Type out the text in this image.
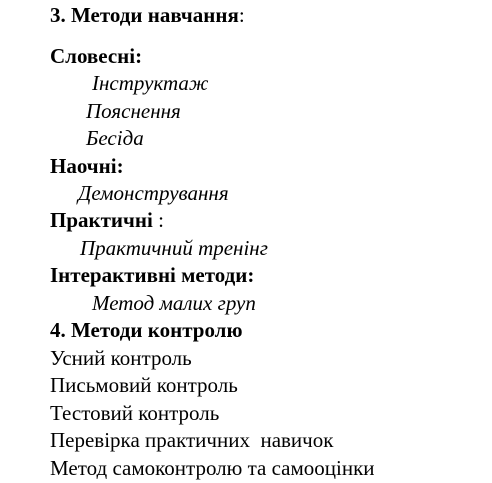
3. Методи навчання:
Словесні:
Інструктаж
Пояснення
Бесіда
Наочні:
Демонстрування
Практичні :
Практичний тренінг
Інтерактивні методи:
Метод малих груп
4. Методи контролю
Усний контроль
Письмовий контроль
Тестовий контроль
Перевірка практичних  навичок
Метод самоконтролю та самооцінки
